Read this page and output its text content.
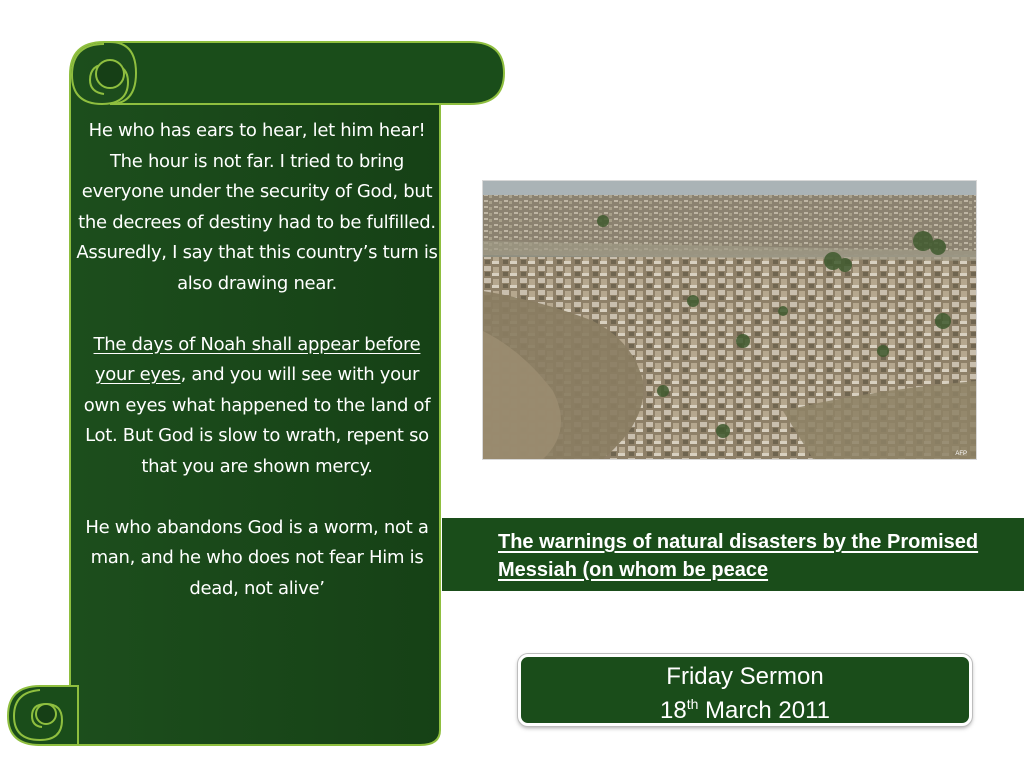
He who has ears to hear, let him hear! The hour is not far. I tried to bring everyone under the security of God, but the decrees of destiny had to be fulfilled. Assuredly, I say that this country’s turn is also drawing near.

The days of Noah shall appear before your eyes, and you will see with your own eyes what happened to the land of Lot. But God is slow to wrath, repent so that you are shown mercy.

He who abandons God is a worm, not a man, and he who does not fear Him is dead, not alive’

AFP
The warnings of natural disasters by the Promised Messiah (on whom be peace
Friday Sermon
18th March 2011
